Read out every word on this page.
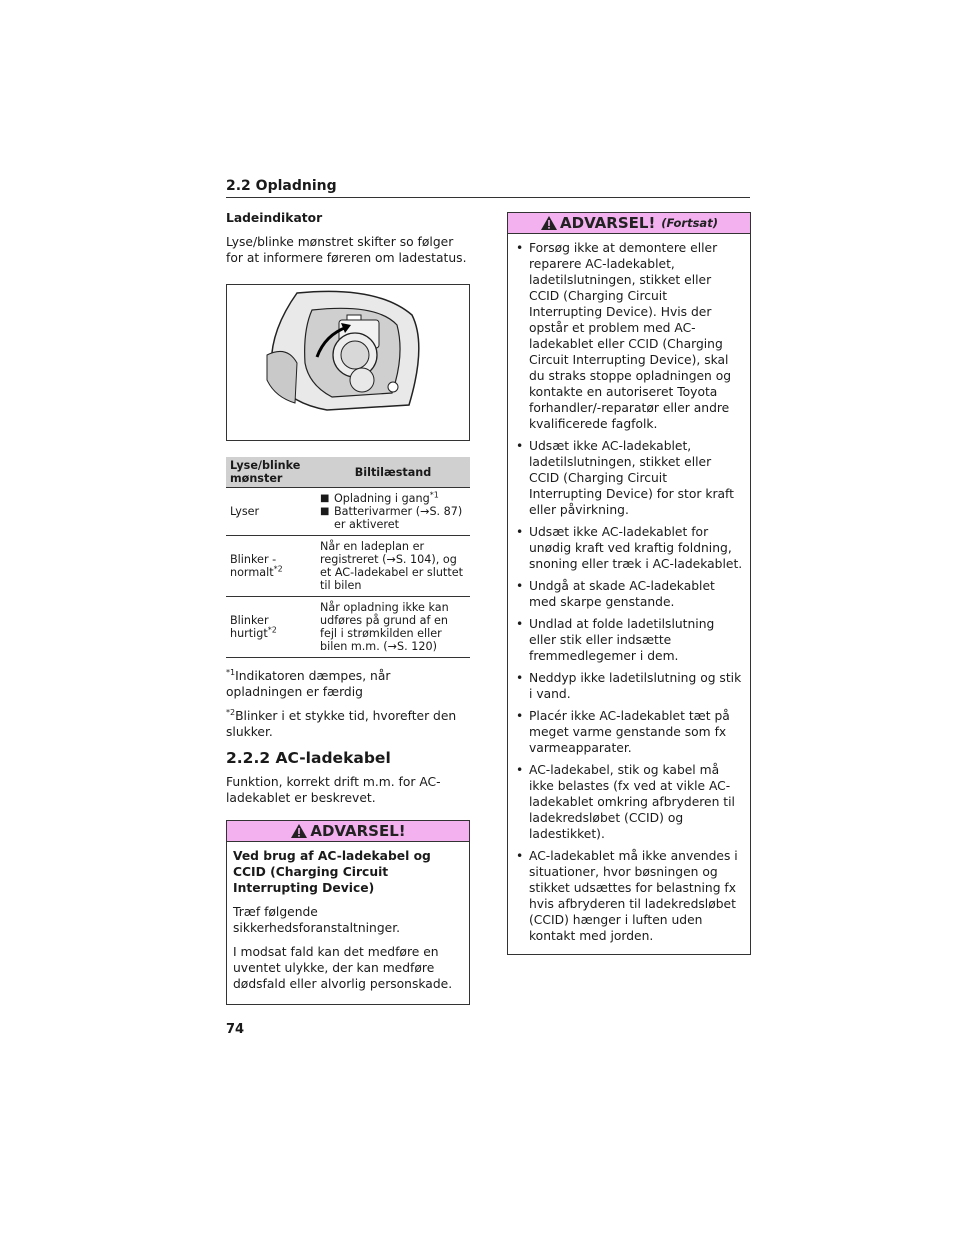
2.2 Opladning

Ladeindikator

Lyse/blinke mønstret skifter so følger for at informere føreren om ladestatus.

Lyse/blinke mønster	Biltilæstand
Lyser	■ Opladning i gang$^{*1}$
■ Batterivarmer (→S. 87) er aktiveret

Blinker - normalt$^{*2}$	Når en ladeplan er registreret (→S. 104), og et AC-ladekabel er sluttet til bilen
Blinker hurtigt$^{*2}$	Når opladning ikke kan udføres på grund af en fejl i strømkilden eller bilen m.m. (→S. 120)

$^{*1}$Indikatoren dæmpes, når opladningen er færdig

$^{*2}$Blinker i et stykke tid, hvorefter den slukker.

2.2.2 AC-ladekabel

Funktion, korrekt drift m.m. for AC-ladekablet er beskrevet.

ADVARSEL!

Ved brug af AC-ladekabel og CCID (Charging Circuit Interrupting Device)

Træf følgende sikkerhedsforanstaltninger.

I modsat fald kan det medføre en uventet ulykke, der kan medføre dødsfald eller alvorlig personskade.

ADVARSEL! (Fortsat)
• Forsøg ikke at demontere eller reparere AC-ladekablet, ladetilslutningen, stikket eller CCID (Charging Circuit Interrupting Device). Hvis der opstår et problem med AC-ladekablet eller CCID (Charging Circuit Interrupting Device), skal du straks stoppe opladningen og kontakte en autoriseret Toyota forhandler/-reparatør eller andre kvalificerede fagfolk.
• Udsæt ikke AC-ladekablet, ladetilslutningen, stikket eller CCID (Charging Circuit Interrupting Device) for stor kraft eller påvirkning.
• Udsæt ikke AC-ladekablet for unødig kraft ved kraftig foldning, snoning eller træk i AC-ladekablet.
• Undgå at skade AC-ladekablet med skarpe genstande.
• Undlad at folde ladetilslutning eller stik eller indsætte fremmedlegemer i dem.
• Neddyp ikke ladetilslutning og stik i vand.
• Placér ikke AC-ladekablet tæt på meget varme genstande som fx varmeapparater.
• AC-ladekabel, stik og kabel må ikke belastes (fx ved at vikle AC-ladekablet omkring afbryderen til ladekredsløbet (CCID) og ladestikket).
• AC-ladekablet må ikke anvendes i situationer, hvor bøsningen og stikket udsættes for belastning fx hvis afbryderen til ladekredsløbet (CCID) hænger i luften uden kontakt med jorden.
74
